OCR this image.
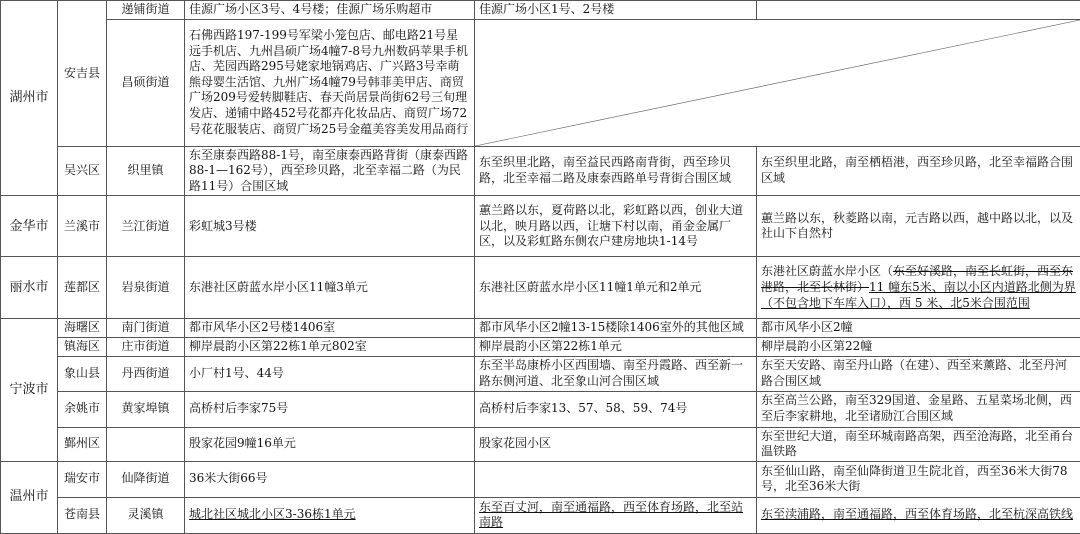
湖州市	安吉县	递铺街道	佳源广场小区3号、4号楼；佳源广场乐购超市	佳源广场小区1号、2号楼	
		昌硕街道	石佛西路197-199号军梁小笼包店、邮电路21号星远手机店、九州昌硕广场4幢7-8号九州数码苹果手机店、芜园西路295号姥家地锅鸡店、广兴路3号幸萌熊母婴生活馆、九州广场4幢79号韩菲美甲店、商贸广场209号爱转脚鞋店、春天尚居景尚街62号三旬理发店、递铺中路452号花都卉化妆品店、商贸广场72号花花服装店、商贸广场25号金蕴美容美发用品商行	

	吴兴区	织里镇	东至康泰西路88-1号，南至康泰西路背街（康泰西路88-1—162号），西至珍贝路，北至幸福二路（为民路11号）合围区域	东至织里北路，南至益民西路南背街，西至珍贝路，北至幸福二路及康泰西路单号背街合围区域	东至织里北路，南至栖梧港，西至珍贝路，北至幸福路合围区域
金华市	兰溪市	兰江街道	彩虹城3号楼	蕙兰路以东，夏荷路以北，彩虹路以西，创业大道以北，映月路以西，让塘下村以南，甬金金属厂区，以及彩虹路东侧农户建房地块1-14号	蕙兰路以东，秋菱路以南，元吉路以西，越中路以北，以及社山下自然村
丽水市	莲都区	岩泉街道	东港社区蔚蓝水岸小区11幢3单元	东港社区蔚蓝水岸小区11幢1单元和2单元	东港社区蔚蓝水岸小区（东至好溪路，南至长虹街，西至东港路，北至长林街）11 幢东5米、南以小区内道路北侧为界（不包含地下车库入口），西 5 米、北5米合围范围
宁波市	海曙区	南门街道	都市风华小区2号楼1406室	都市风华小区2幢13-15楼除1406室外的其他区域	都市风华小区2幢
	镇海区	庄市街道	柳岸晨韵小区第22栋1单元802室	柳岸晨韵小区第22栋1单元	柳岸晨韵小区第22幢
	象山县	丹西街道	小厂村1号、44号	东至半岛康桥小区西围墙、南至丹霞路、西至新一路东侧河道、北至象山河合围区域	东至天安路、南至丹山路（在建）、西至来薰路、北至丹河路合围区域
	余姚市	黄家埠镇	高桥村后李家75号	高桥村后李家13、57、58、59、74号	东至高兰公路，南至329国道、金星路、五星菜场北侧，西至后李家耕地，北至诸励江合围区域
	鄞州区		殷家花园9幢16单元	殷家花园小区	东至世纪大道，南至环城南路高架，西至沧海路，北至甬台温铁路
温州市	瑞安市	仙降街道	36米大街66号		东至仙山路，南至仙降街道卫生院北首，西至36米大街78号，北至36米大街
	苍南县	灵溪镇	城北社区城北小区3-36栋1单元	东至百丈河，南至通福路，西至体育场路，北至站南路	东至渎浦路，南至通福路，西至体育场路，北至杭深高铁线
